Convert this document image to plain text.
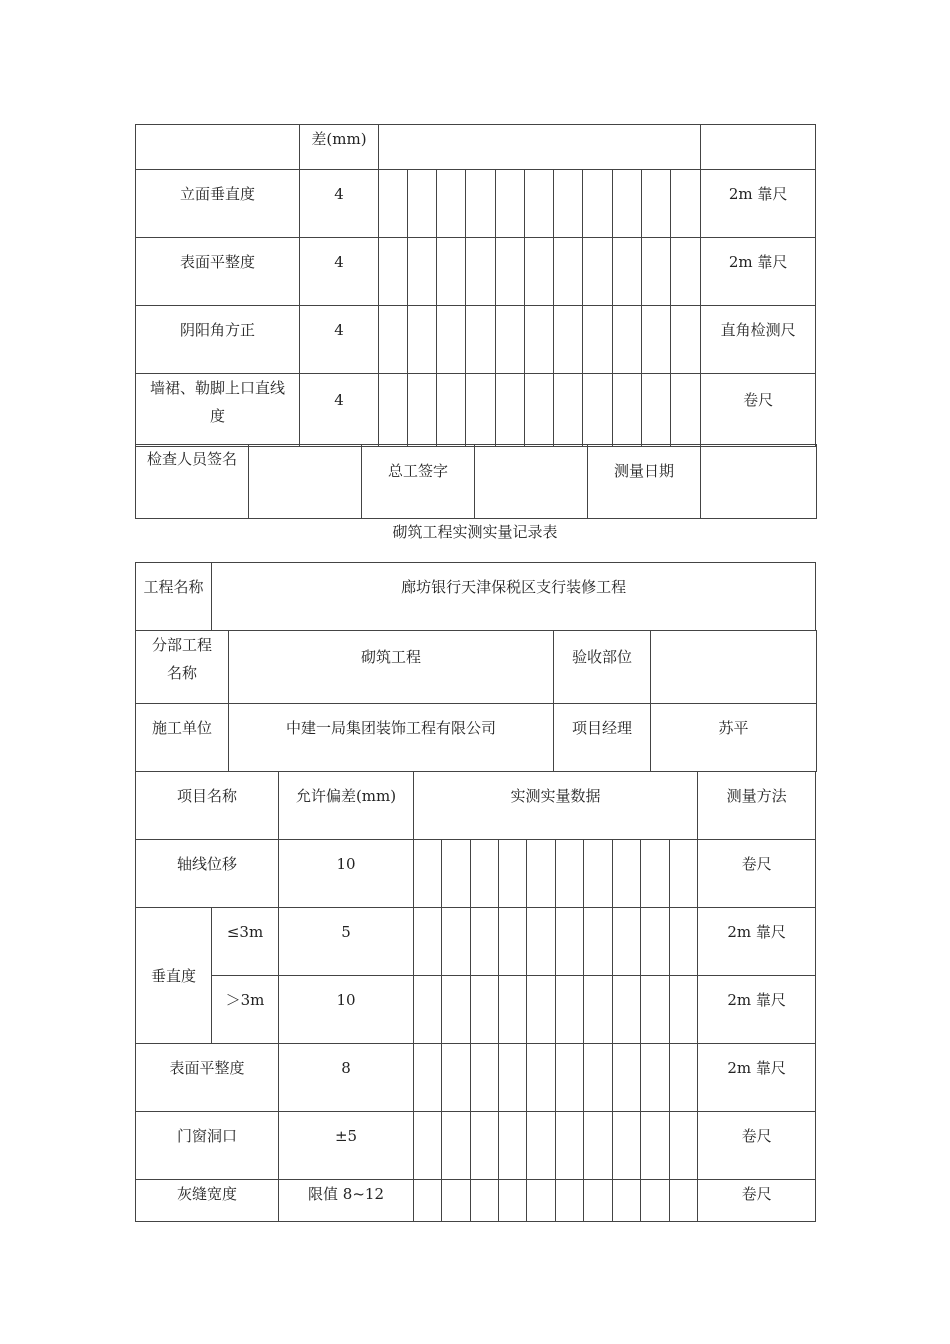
	差(mm)												
立面垂直度	4												2m 靠尺
表面平整度	4												2m 靠尺
阴阳角方正	4												直角检测尺
墙裙、勒脚上口直线度	4												卷尺
检查人员签名		总工签字		测量日期	
砌筑工程实测实量记录表
工程名称	廊坊银行天津保税区支行装修工程
分部工程名称	砌筑工程	验收部位	
施工单位	中建一局集团装饰工程有限公司	项目经理	苏平
项目名称		允许偏差(mm)	实测实量数据										测量方法
轴线位移		10											卷尺
垂直度	≤3m	5											2m 靠尺
	＞3m	10											2m 靠尺
表面平整度		8											2m 靠尺
门窗洞口		±5											卷尺
灰缝宽度		限值 8~12											卷尺
